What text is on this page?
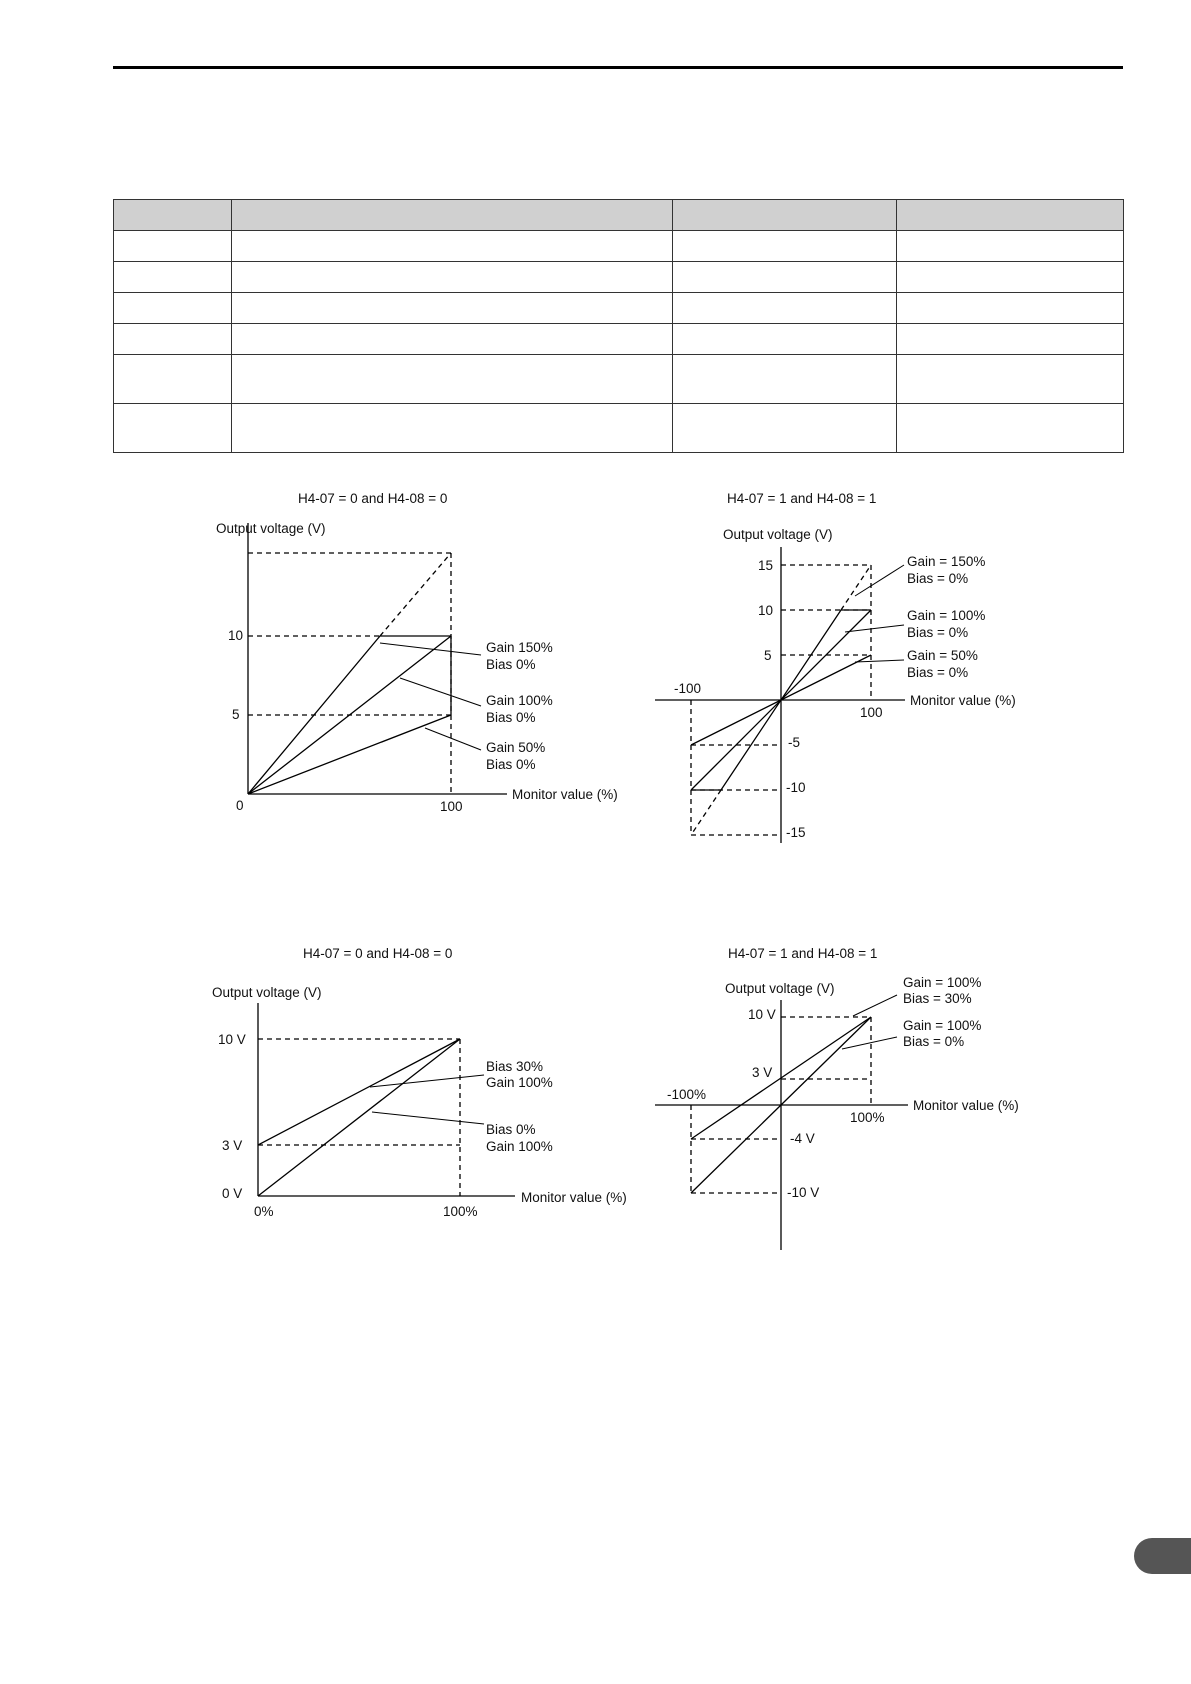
H4-07 = 0 and H4-08 = 0
Output voltage (V)
Monitor value (%)
10
5
0	100
Gain 150%
Bias 0%
Gain 100%
Bias 0%
Gain 50%
Bias 0%
H4-07 = 1 and H4-08 = 1
Output voltage (V)
Monitor value (%)
15
10
5
-100
100
-5
-10
-15
Gain = 150%
Bias = 0%
Gain = 100%
Bias = 0%
Gain = 50%
Bias = 0%
H4-07 = 0 and H4-08 = 0
Output voltage (V)
Monitor value (%)
10 V
3 V
0 V
0%	100%
Bias 30%
Gain 100%
Bias 0%
Gain 100%
H4-07 = 1 and H4-08 = 1
Output voltage (V)
Monitor value (%)
10 V
3 V
-100%
100%
-4 V
-10 V
Gain = 100%
Bias = 30%
Gain = 100%
Bias = 0%
